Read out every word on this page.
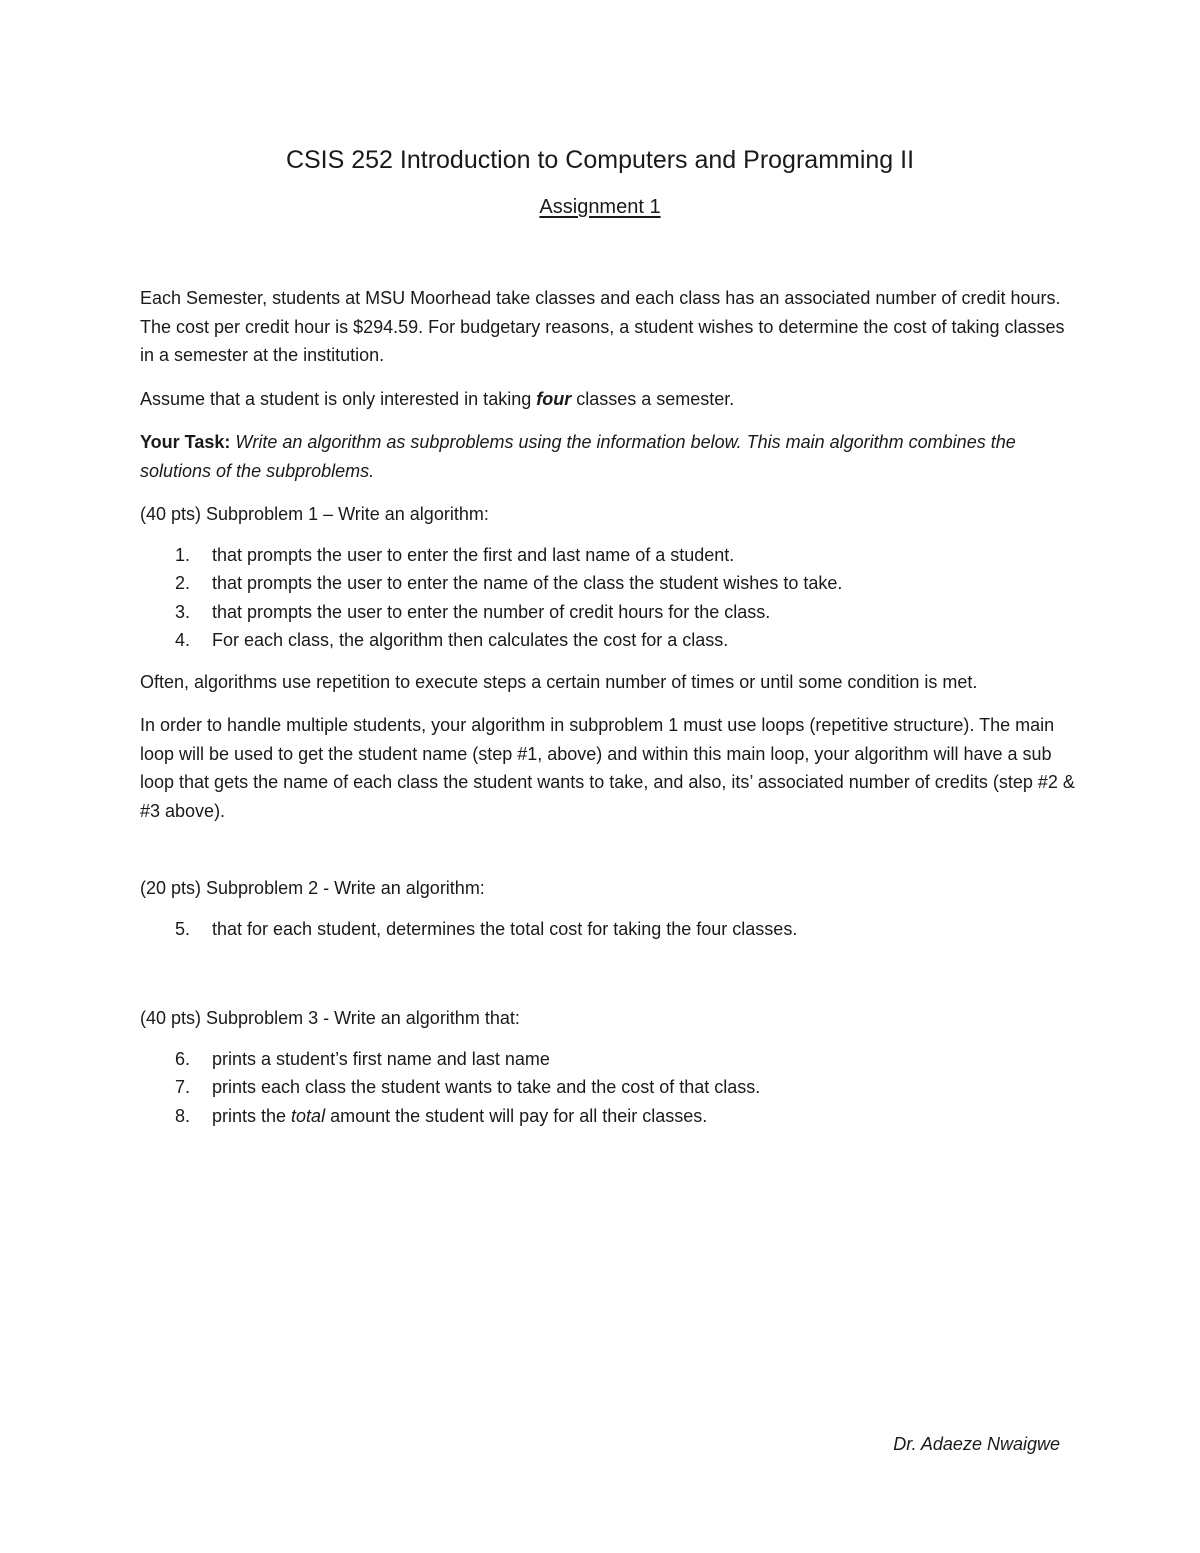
CSIS 252 Introduction to Computers and Programming II
Assignment 1

Each Semester, students at MSU Moorhead take classes and each class has an associated number of credit hours. The cost per credit hour is $294.59. For budgetary reasons, a student wishes to determine the cost of taking classes in a semester at the institution.

Assume that a student is only interested in taking four classes a semester.

Your Task: Write an algorithm as subproblems using the information below. This main algorithm combines the solutions of the subproblems.

(40 pts) Subproblem 1 – Write an algorithm:

1. that prompts the user to enter the first and last name of a student.
2. that prompts the user to enter the name of the class the student wishes to take.
3. that prompts the user to enter the number of credit hours for the class.
4. For each class, the algorithm then calculates the cost for a class.

Often, algorithms use repetition to execute steps a certain number of times or until some condition is met.

In order to handle multiple students, your algorithm in subproblem 1 must use loops (repetitive structure). The main loop will be used to get the student name (step #1, above) and within this main loop, your algorithm will have a sub loop that gets the name of each class the student wants to take, and also, its’ associated number of credits (step #2 & #3 above).

(20 pts) Subproblem 2 - Write an algorithm:

5. that for each student, determines the total cost for taking the four classes.

(40 pts) Subproblem 3 - Write an algorithm that:

6. prints a student’s first name and last name
7. prints each class the student wants to take and the cost of that class.
8. prints the total amount the student will pay for all their classes.

Dr. Adaeze Nwaigwe
